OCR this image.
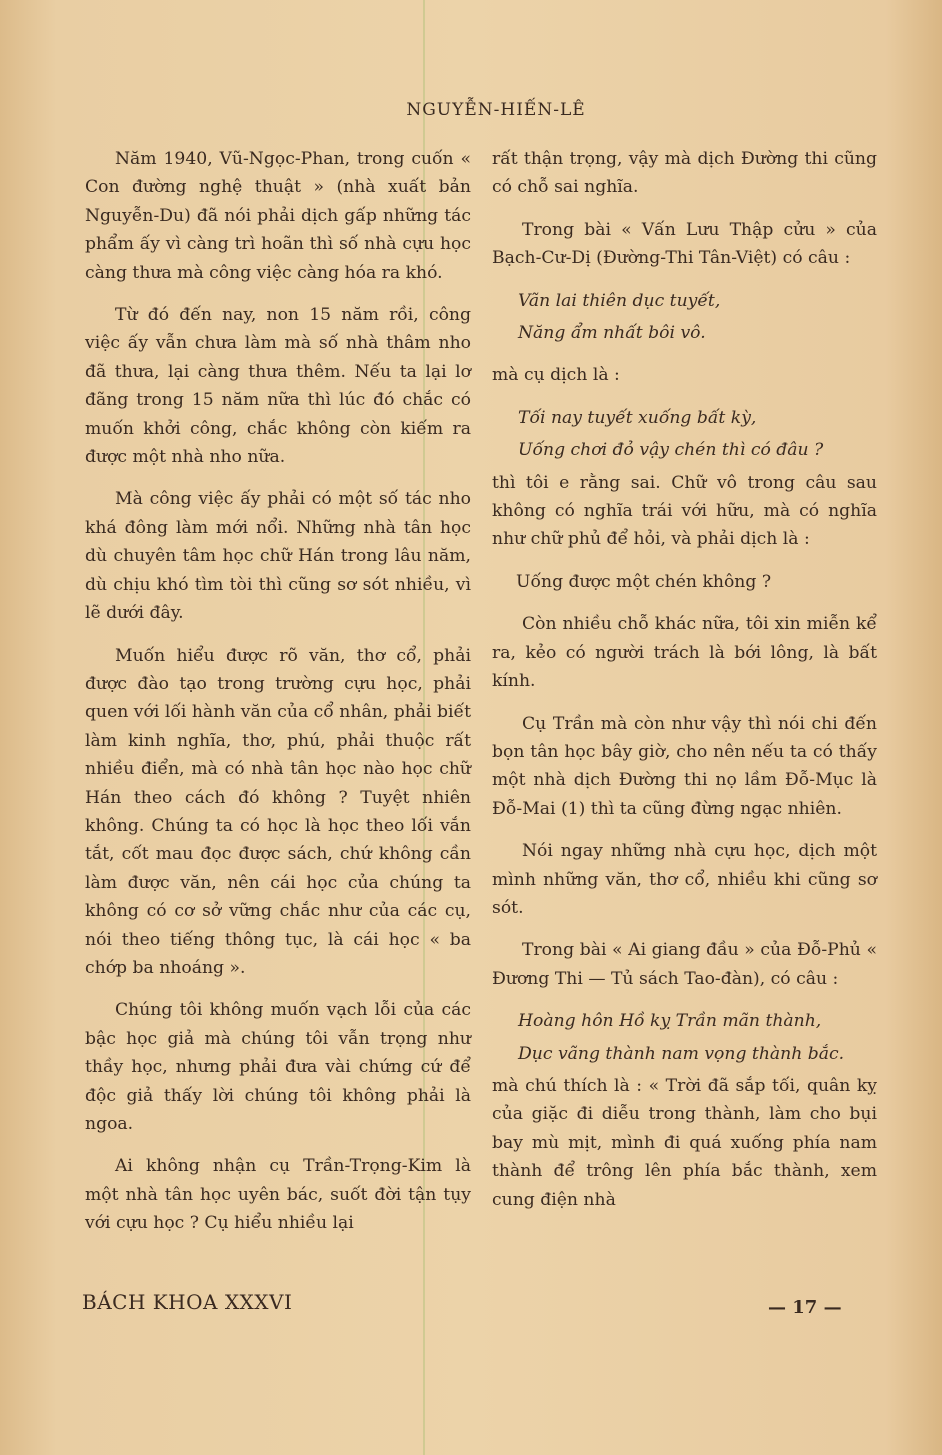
NGUYỄN-HIẾN-LÊ

Năm 1940, Vũ-Ngọc-Phan, trong cuốn « Con đường nghệ thuật » (nhà xuất bản Nguyễn-Du) đã nói phải dịch gấp những tác phẩm ấy vì càng trì hoãn thì số nhà cựu học càng thưa mà công việc càng hóa ra khó.

Từ đó đến nay, non 15 năm rồi, công việc ấy vẫn chưa làm mà số nhà thâm nho đã thưa, lại càng thưa thêm. Nếu ta lại lơ đãng trong 15 năm nữa thì lúc đó chắc có muốn khởi công, chắc không còn kiếm ra được một nhà nho nữa.

Mà công việc ấy phải có một số tác nho khá đông làm mới nổi. Những nhà tân học dù chuyên tâm học chữ Hán trong lâu năm, dù chịu khó tìm tòi thì cũng sơ sót nhiều, vì lẽ dưới đây.

Muốn hiểu được rõ văn, thơ cổ, phải được đào tạo trong trường cựu học, phải quen với lối hành văn của cổ nhân, phải biết làm kinh nghĩa, thơ, phú, phải thuộc rất nhiều điển, mà có nhà tân học nào học chữ Hán theo cách đó không ? Tuyệt nhiên không. Chúng ta có học là học theo lối vắn tắt, cốt mau đọc được sách, chứ không cần làm được văn, nên cái học của chúng ta không có cơ sở vững chắc như của các cụ, nói theo tiếng thông tục, là cái học « ba chớp ba nhoáng ».

Chúng tôi không muốn vạch lỗi của các bậc học giả mà chúng tôi vẫn trọng như thầy học, nhưng phải đưa vài chứng cứ để độc giả thấy lời chúng tôi không phải là ngoa.

Ai không nhận cụ Trần-Trọng-Kim là một nhà tân học uyên bác, suốt đời tận tụy với cựu học ? Cụ hiểu nhiều lại

rất thận trọng, vậy mà dịch Đường thi cũng có chỗ sai nghĩa.

Trong bài « Vấn Lưu Thập cửu » của Bạch-Cư-Dị (Đường-Thi Tân-Việt) có câu :

Vãn lai thiên dục tuyết,

Năng ẩm nhất bôi vô.

mà cụ dịch là :

Tối nay tuyết xuống bất kỳ,

Uống chơi đỏ vậy chén thì có đâu ?

thì tôi e rằng sai. Chữ vô trong câu sau không có nghĩa trái với hữu, mà có nghĩa như chữ phủ để hỏi, và phải dịch là :

Uống được một chén không ?

Còn nhiều chỗ khác nữa, tôi xin miễn kể ra, kẻo có người trách là bới lông, là bất kính.

Cụ Trần mà còn như vậy thì nói chi đến bọn tân học bây giờ, cho nên nếu ta có thấy một nhà dịch Đường thi nọ lầm Đỗ-Mục là Đỗ-Mai (1) thì ta cũng đừng ngạc nhiên.

Nói ngay những nhà cựu học, dịch một mình những văn, thơ cổ, nhiều khi cũng sơ sót.

Trong bài « Ai giang đầu » của Đỗ-Phủ « Đương Thi — Tủ sách Tao-đàn), có câu :

Hoàng hôn Hồ kỵ Trần mãn thành,

Dục vãng thành nam vọng thành bắc.

mà chú thích là : « Trời đã sắp tối, quân kỵ của giặc đi diễu trong thành, làm cho bụi bay mù mịt, mình đi quá xuống phía nam thành để trông lên phía bắc thành, xem cung điện nhà

BÁCH KHOA XXXVI	— 17 —
